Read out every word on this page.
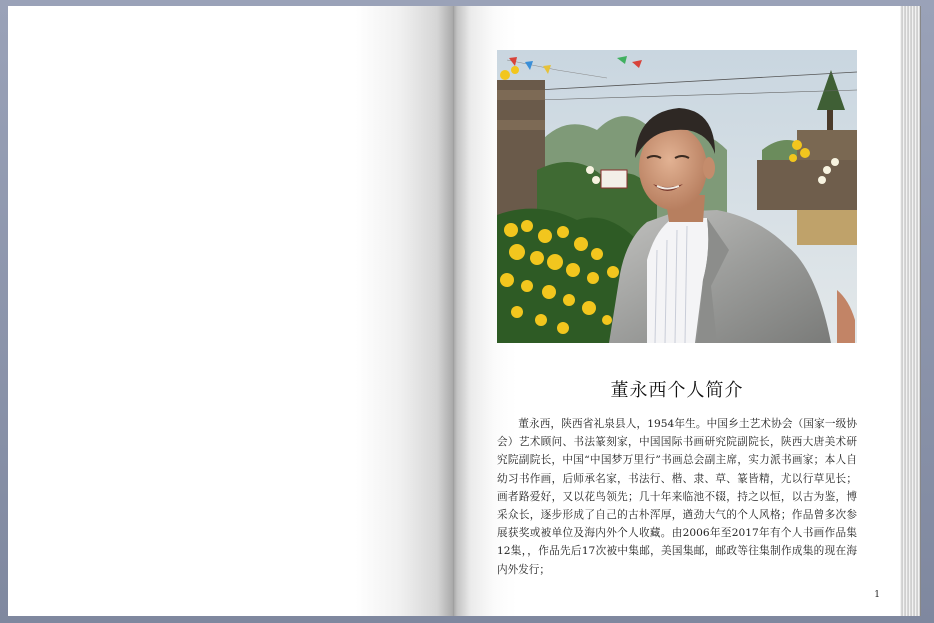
董永西个人简介

董永西，陕西省礼泉县人，1954年生。中国乡土艺术协会（国家一级协会）艺术顾问、书法篆刻家，中国国际书画研究院副院长，陕西大唐美术研究院副院长，中国“中国梦万里行”书画总会副主席，实力派书画家；本人自幼习书作画，后师承名家，书法行、楷、隶、草、篆皆精，尤以行草见长；画者路爱好，又以花鸟领先；几十年来临池不辍，持之以恒，以古为鉴，博采众长，逐步形成了自己的古朴浑厚，遒劲大气的个人风格；作品曾多次参展获奖或被单位及海内外个人收藏。由2006年至2017年有个人书画作品集12集，，作品先后17次被中集邮，美国集邮，邮政等往集制作成集的现在海内外发行；

1
